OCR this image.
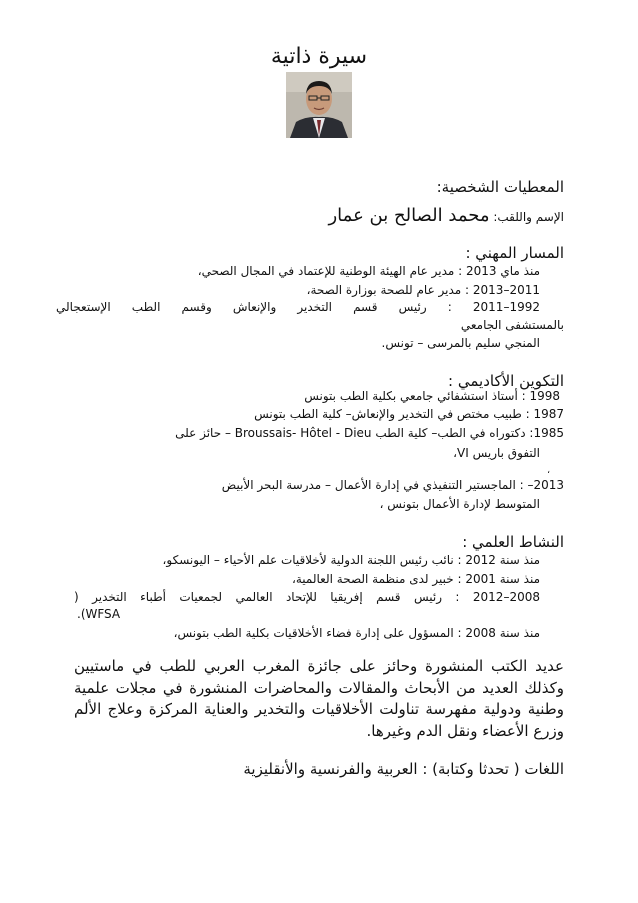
سيرة ذاتية
المعطيات الشخصية:
الإسم واللقب: محمد الصالح بن عمار
المسار المهني :
منذ ماي 2013 : مدير عام الهيئة الوطنية للإعتماد في المجال الصحي،
2011–2013 : مدير عام للصحة بوزارة الصحة،
1992–2011 : رئيس قسم التخدير والإنعاش وقسم الطب الإستعجالي
بالمستشفى الجامعي
المنجي سليم بالمرسى – تونس.
التكوين الأكاديمي :
1998 : أستاذ استشفائي جامعي بكلية الطب بتونس
1987 : طبيب مختص في التخدير والإنعاش– كلية الطب بتونس
1985: دكتوراه في الطب– كلية الطب Broussais- Hôtel - Dieu – حائز على
التفوق باريس VI،
،
2013– : الماجستير التنفيذي في إدارة الأعمال – مدرسة البحر الأبيض
المتوسط لإدارة الأعمال بتونس ،
النشاط العلمي :
منذ سنة 2012 : نائب رئيس اللجنة الدولية لأخلاقيات علم الأحياء – اليونسكو،
منذ سنة 2001 : خبير لدى منظمة الصحة العالمية،
2008–2012 : رئيس قسم إفريقيا للإتحاد العالمي لجمعيات أطباء التخدير (
WFSA).
منذ سنة 2008 : المسؤول على إدارة فضاء الأخلاقيات بكلية الطب بتونس،
عديد الكتب المنشورة وحائز على جائزة المغرب العربي للطب في ماستيين وكذلك العديد من الأبحاث والمقالات والمحاضرات المنشورة في مجلات علمية وطنية ودولية مفهرسة تناولت الأخلاقيات والتخدير والعناية المركزة وعلاج الألم وزرع الأعضاء ونقل الدم وغيرها.
اللغات ( تحدثا وكتابة) : العربية والفرنسية والأنقليزية
